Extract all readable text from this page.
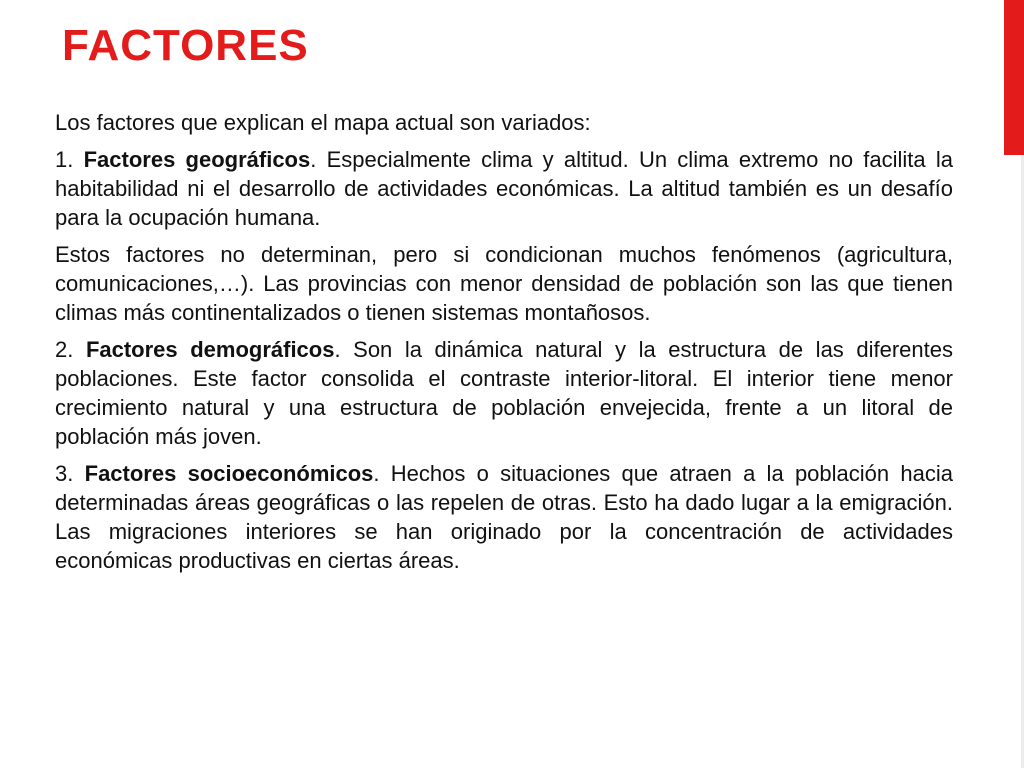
FACTORES

Los factores que explican el mapa actual son variados:

1. Factores geográficos. Especialmente clima y altitud. Un clima extremo no facilita la habitabilidad ni el desarrollo de actividades económicas. La altitud también es un desafío para la ocupación humana.

Estos factores no determinan, pero si condicionan muchos fenómenos (agricultura, comunicaciones,…). Las provincias con menor densidad de población son las que tienen climas más continentalizados o tienen sistemas montañosos.

2. Factores demográficos. Son la dinámica natural y la estructura de las diferentes poblaciones. Este factor consolida el contraste interior-litoral. El interior tiene menor crecimiento natural y una estructura de población envejecida, frente a un litoral de población más joven.

3. Factores socioeconómicos. Hechos o situaciones que atraen a la población hacia determinadas áreas geográficas o las repelen de otras. Esto ha dado lugar a la emigración. Las migraciones interiores se han originado por la concentración de actividades económicas productivas en ciertas áreas.
